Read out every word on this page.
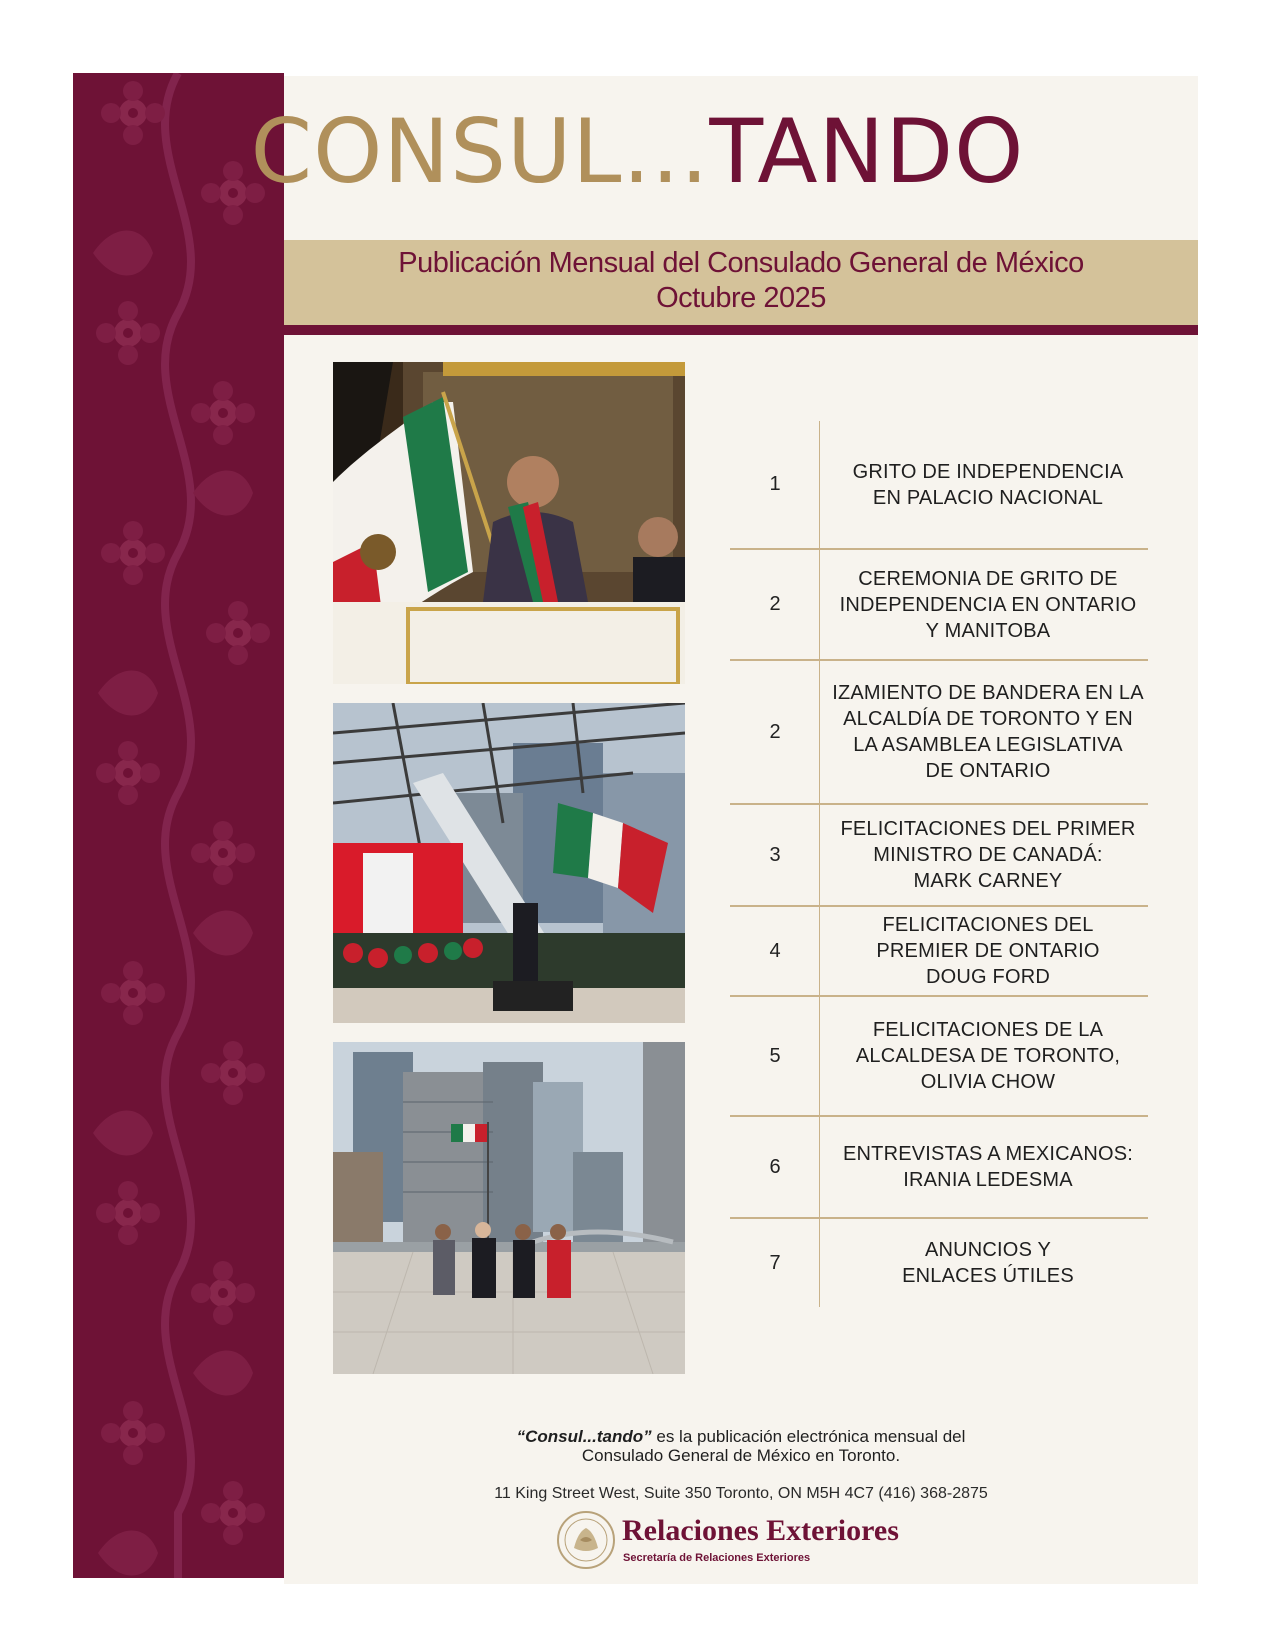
CONSUL...TANDO
Publicación Mensual del Consulado General de México
Octubre 2025
1
GRITO DE INDEPENDENCIA
EN PALACIO NACIONAL
2
CEREMONIA DE GRITO DE
INDEPENDENCIA EN ONTARIO
Y MANITOBA
2
IZAMIENTO DE BANDERA EN LA
ALCALDÍA DE TORONTO Y EN
LA ASAMBLEA LEGISLATIVA
DE ONTARIO
3
FELICITACIONES DEL PRIMER
MINISTRO DE CANADÁ:
MARK CARNEY
4
FELICITACIONES DEL
PREMIER DE ONTARIO
DOUG FORD
5
FELICITACIONES DE LA
ALCALDESA DE TORONTO,
OLIVIA CHOW
6
ENTREVISTAS A MEXICANOS:
IRANIA LEDESMA
7
ANUNCIOS Y
ENLACES ÚTILES
“Consul...tando” es la publicación electrónica mensual del
Consulado General de México en Toronto.
11 King Street West, Suite 350 Toronto, ON M5H 4C7 (416) 368-2875
Relaciones Exteriores
Secretaría de Relaciones Exteriores
